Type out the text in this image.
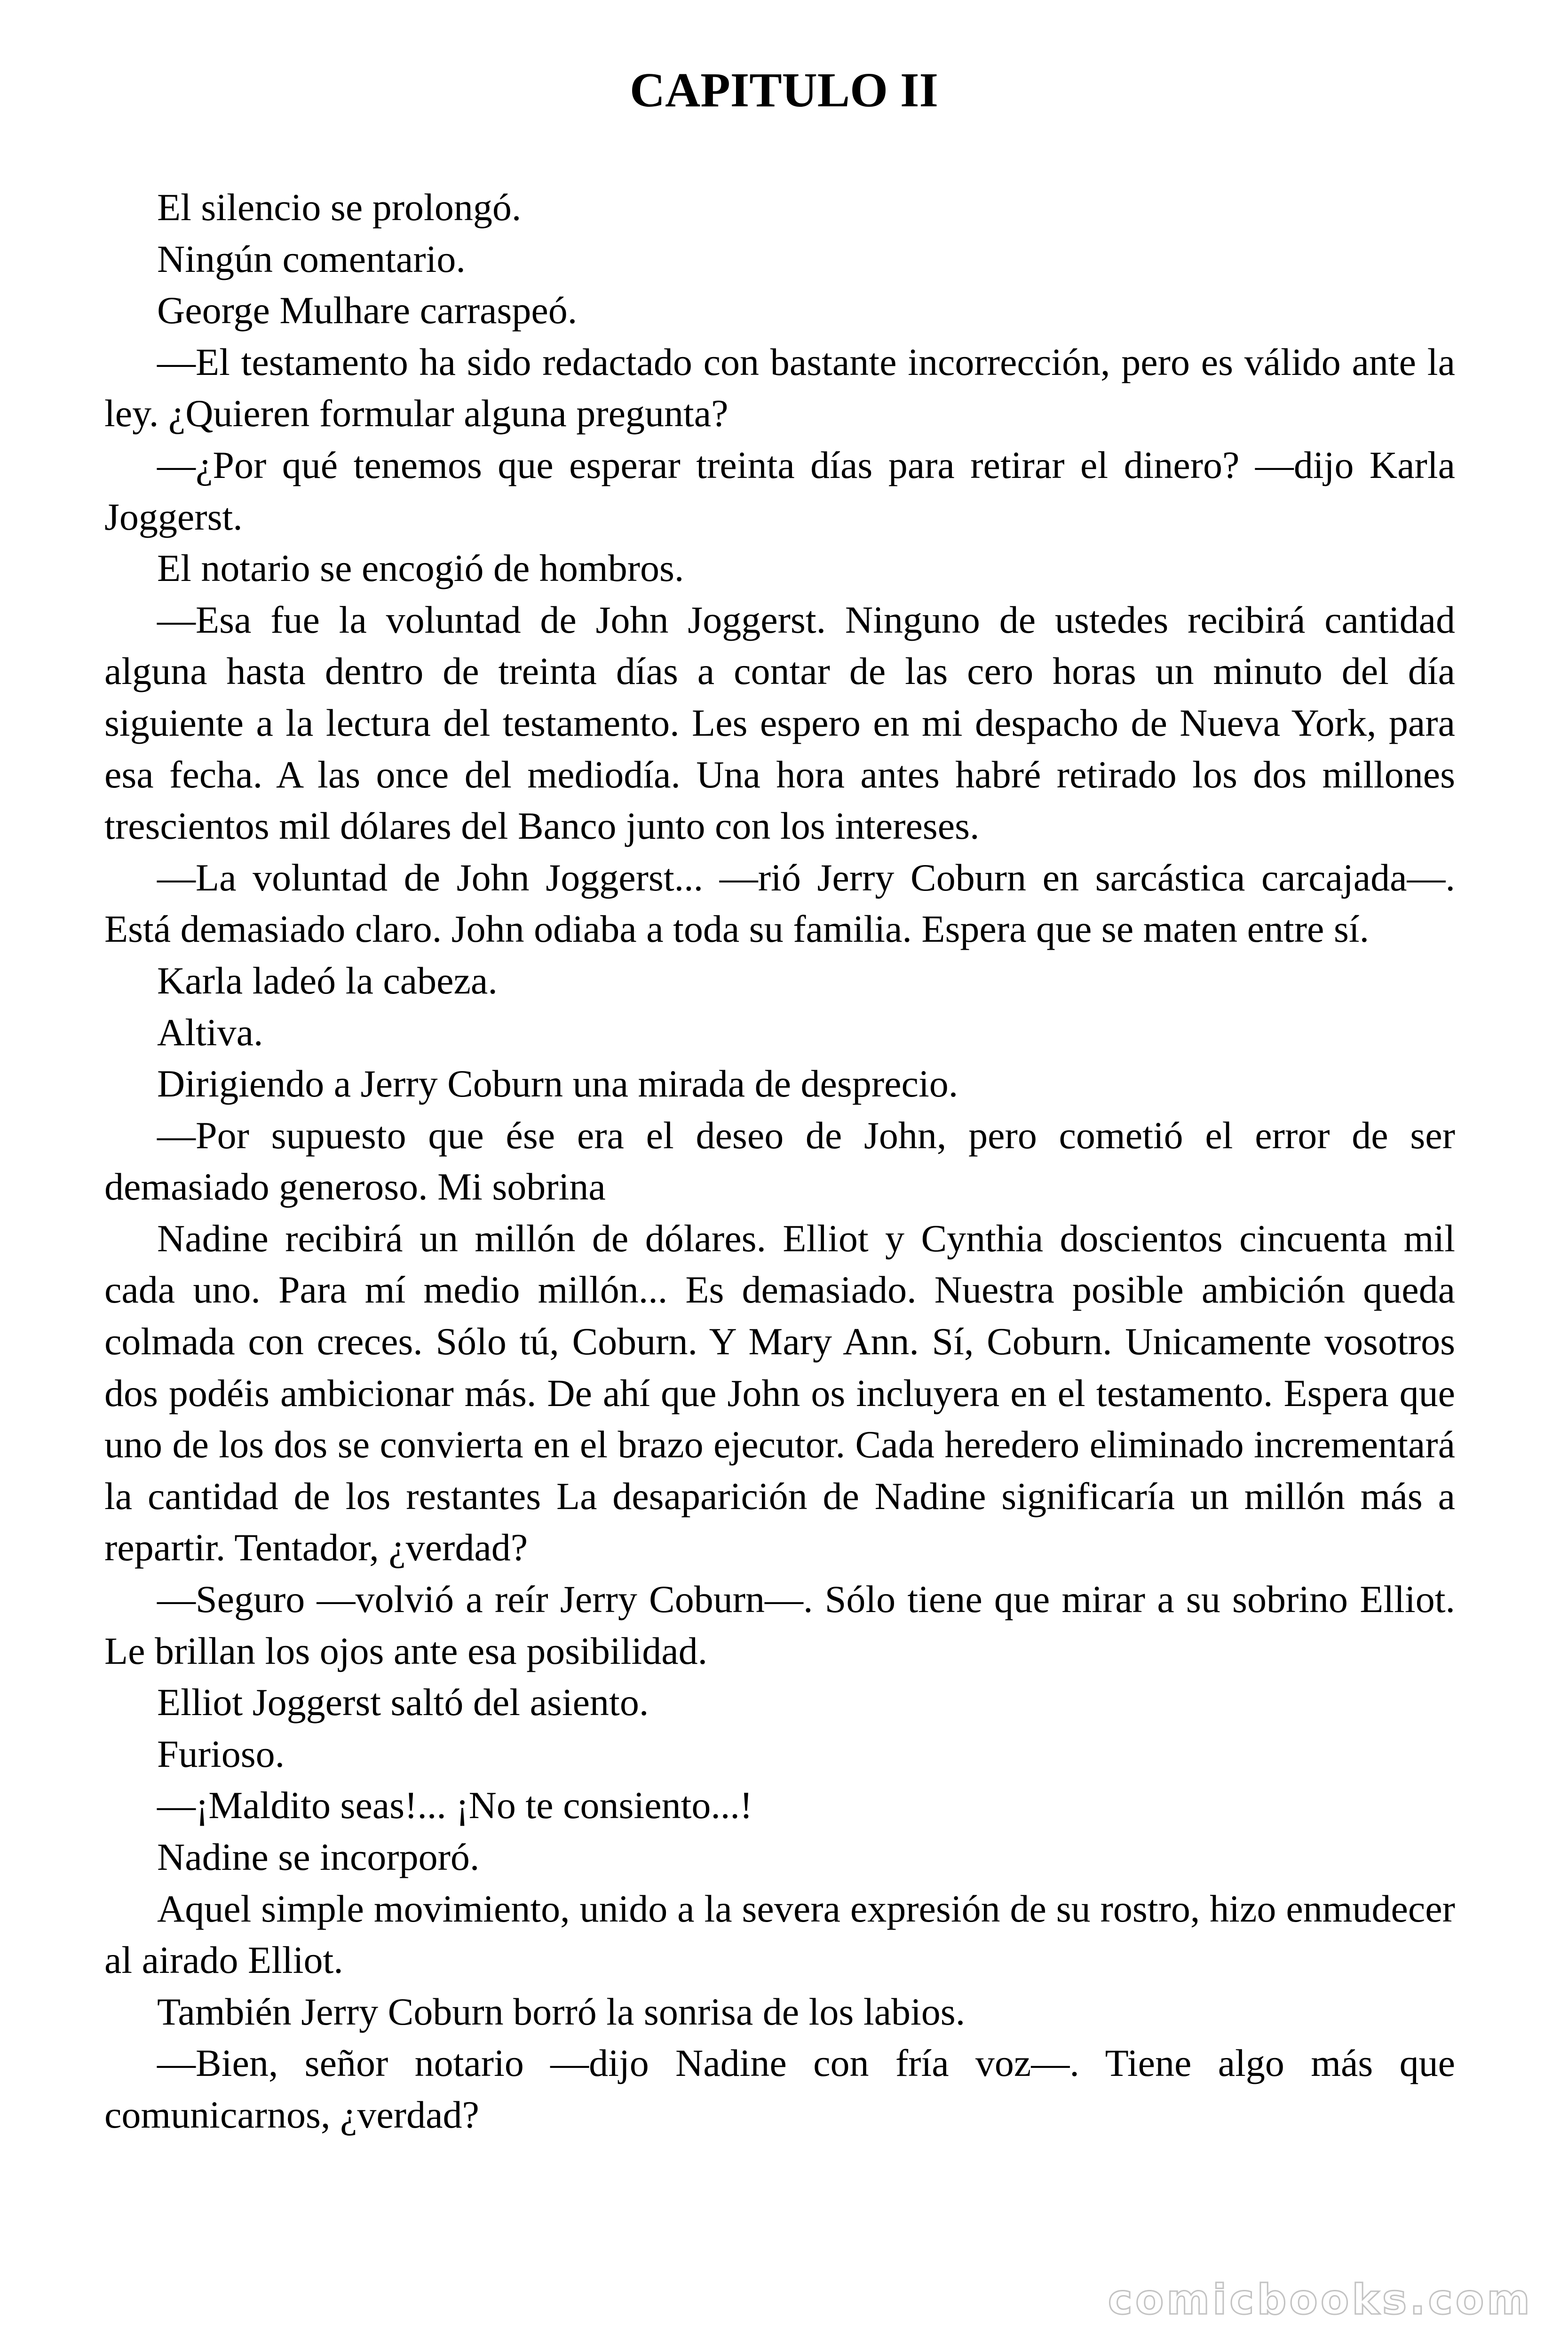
CAPITULO II

El silencio se prolongó.

Ningún comentario.

George Mulhare carraspeó.

—El testamento ha sido redactado con bastante incorrección, pero es válido ante la ley. ¿Quieren formular alguna pregunta?

—¿Por qué tenemos que esperar treinta días para retirar el dinero? —dijo Karla Joggerst.

El notario se encogió de hombros.

—Esa fue la voluntad de John Joggerst. Ninguno de ustedes recibirá cantidad alguna hasta dentro de treinta días a contar de las cero horas un minuto del día siguiente a la lectura del testamento. Les espero en mi despacho de Nueva York, para esa fecha. A las once del mediodía. Una hora antes habré retirado los dos millones trescientos mil dólares del Banco junto con los intereses.

—La voluntad de John Joggerst... —rió Jerry Coburn en sarcástica carcajada—. Está demasiado claro. John odiaba a toda su familia. Espera que se maten entre sí.

Karla ladeó la cabeza.

Altiva.

Dirigiendo a Jerry Coburn una mirada de desprecio.

—Por supuesto que ése era el deseo de John, pero cometió el error de ser demasiado generoso. Mi sobrina

Nadine recibirá un millón de dólares. Elliot y Cynthia doscientos cincuenta mil cada uno. Para mí medio millón... Es demasiado. Nuestra posible ambición queda colmada con creces. Sólo tú, Coburn. Y Mary Ann. Sí, Coburn. Unicamente vosotros dos podéis ambicionar más. De ahí que John os incluyera en el testamento. Espera que uno de los dos se convierta en el brazo ejecutor. Cada heredero eliminado incrementará la cantidad de los restantes La desaparición de Nadine significaría un millón más a repartir. Tentador, ¿verdad?

—Seguro —volvió a reír Jerry Coburn—. Sólo tiene que mirar a su sobrino Elliot. Le brillan los ojos ante esa posibilidad.

Elliot Joggerst saltó del asiento.

Furioso.

—¡Maldito seas!... ¡No te consiento...!

Nadine se incorporó.

Aquel simple movimiento, unido a la severa expresión de su rostro, hizo enmudecer al airado Elliot.

También Jerry Coburn borró la sonrisa de los labios.

—Bien, señor notario —dijo Nadine con fría voz—. Tiene algo más que comunicarnos, ¿verdad?

comicbooks.com
